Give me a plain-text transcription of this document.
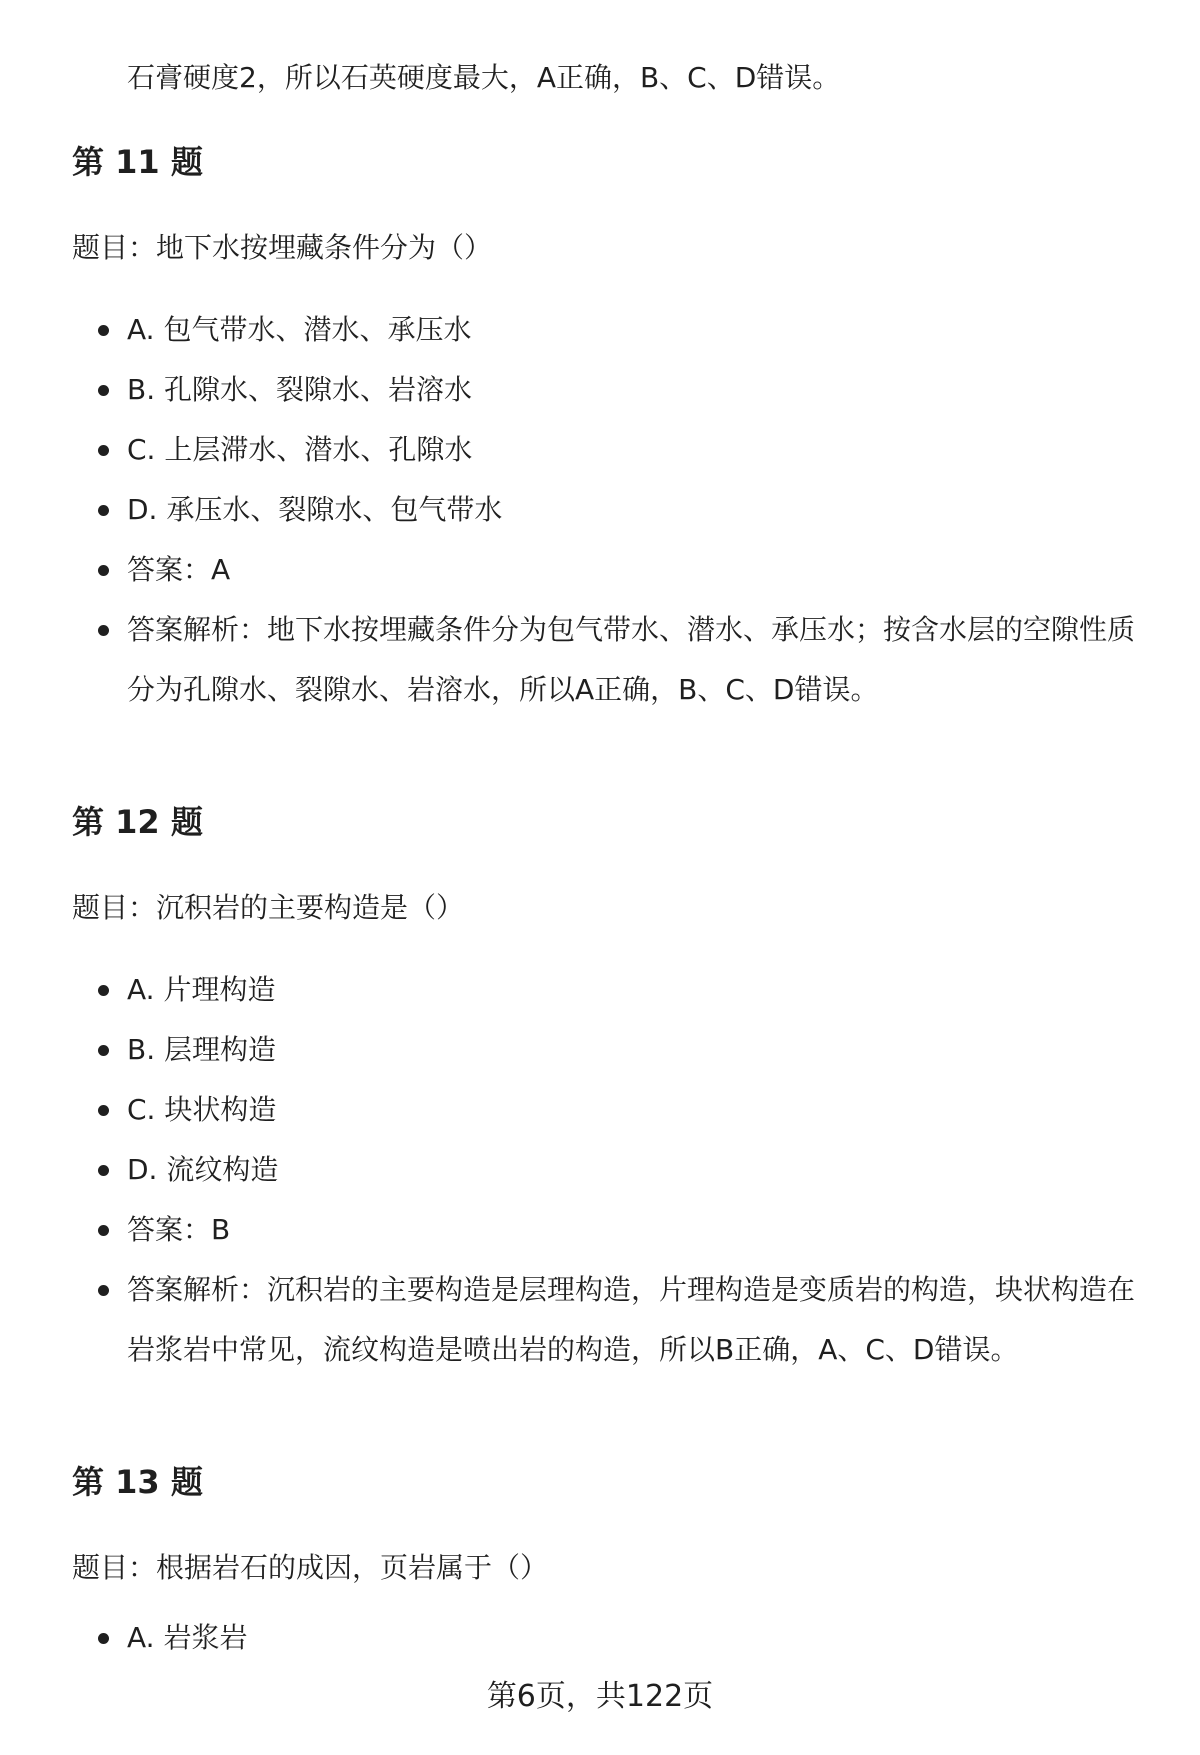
石膏硬度2，所以石英硬度最大，A正确，B、C、D错误。

第 11 题

题目：地下水按埋藏条件分为（）

A. 包气带水、潜水、承压水
B. 孔隙水、裂隙水、岩溶水
C. 上层滞水、潜水、孔隙水
D. 承压水、裂隙水、包气带水
答案：A
答案解析：地下水按埋藏条件分为包气带水、潜水、承压水；按含水层的空隙性质分为孔隙水、裂隙水、岩溶水，所以A正确，B、C、D错误。
第 12 题

题目：沉积岩的主要构造是（）

A. 片理构造
B. 层理构造
C. 块状构造
D. 流纹构造
答案：B
答案解析：沉积岩的主要构造是层理构造，片理构造是变质岩的构造，块状构造在岩浆岩中常见，流纹构造是喷出岩的构造，所以B正确，A、C、D错误。
第 13 题

题目：根据岩石的成因，页岩属于（）

A. 岩浆岩

第6页，共122页
